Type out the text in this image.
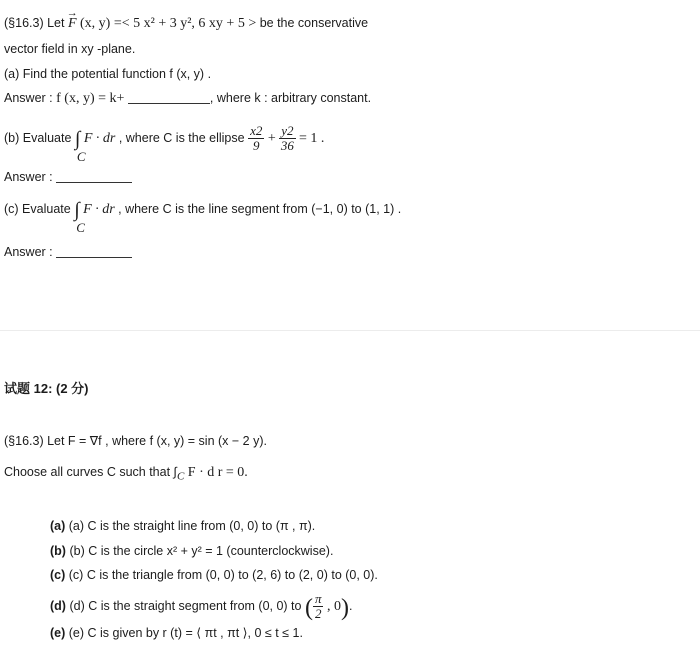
(§16.3) Let
→
F (x, y) =< 5 x² + 3 y², 6 xy + 5 > be the conservative
vector field in xy -plane.
(a) Find the potential function f (x, y) .
Answer : f (x, y) = k+	, where k : arbitrary constant.
(b) Evaluate ∫
C
F · dr , where C is the ellipse $\frac{x2}{9} + \frac{y2}{36} = 1$ .
Answer :
(c) Evaluate ∫
C
F · dr , where C is the line segment from (−1, 0) to (1, 1) .
Answer :
试题 12: (2 分)
(§16.3) Let F = ∇f , where f (x, y) = sin (x − 2 y).
Choose all curves C such that $\int_C$ F · d r = 0.
(a) (a) C is the straight line from (0, 0) to (π , π).
(b) (b) C is the circle x² + y² = 1 (counterclockwise).
(c) (c) C is the triangle from (0, 0) to (2, 6) to (2, 0) to (0, 0).
(d) (d) C is the straight segment from (0, 0) to ( $\frac{\pi}{2}$ , 0).
(e) (e) C is given by r (t) = ⟨ πt , πt ⟩, 0 ≤ t ≤ 1.
